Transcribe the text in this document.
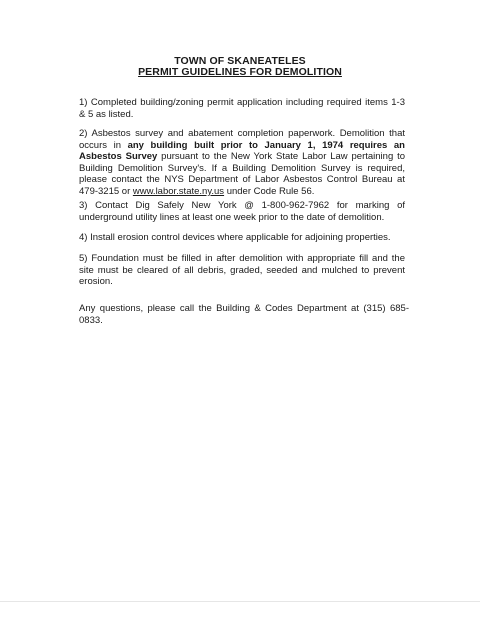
TOWN OF SKANEATELES
PERMIT GUIDELINES FOR DEMOLITION
1) Completed building/zoning permit application including required items 1-3 & 5 as listed.
2) Asbestos survey and abatement completion paperwork. Demolition that occurs in any building built prior to January 1, 1974 requires an Asbestos Survey pursuant to the New York State Labor Law pertaining to Building Demolition Survey's. If a Building Demolition Survey is required, please contact the NYS Department of Labor Asbestos Control Bureau at 479-3215 or www.labor.state.ny.us under Code Rule 56.
3) Contact Dig Safely New York @ 1-800-962-7962 for marking of underground utility lines at least one week prior to the date of demolition.
4) Install erosion control devices where applicable for adjoining properties.
5) Foundation must be filled in after demolition with appropriate fill and the site must be cleared of all debris, graded, seeded and mulched to prevent erosion.
Any questions, please call the Building & Codes Department at (315) 685-0833.
